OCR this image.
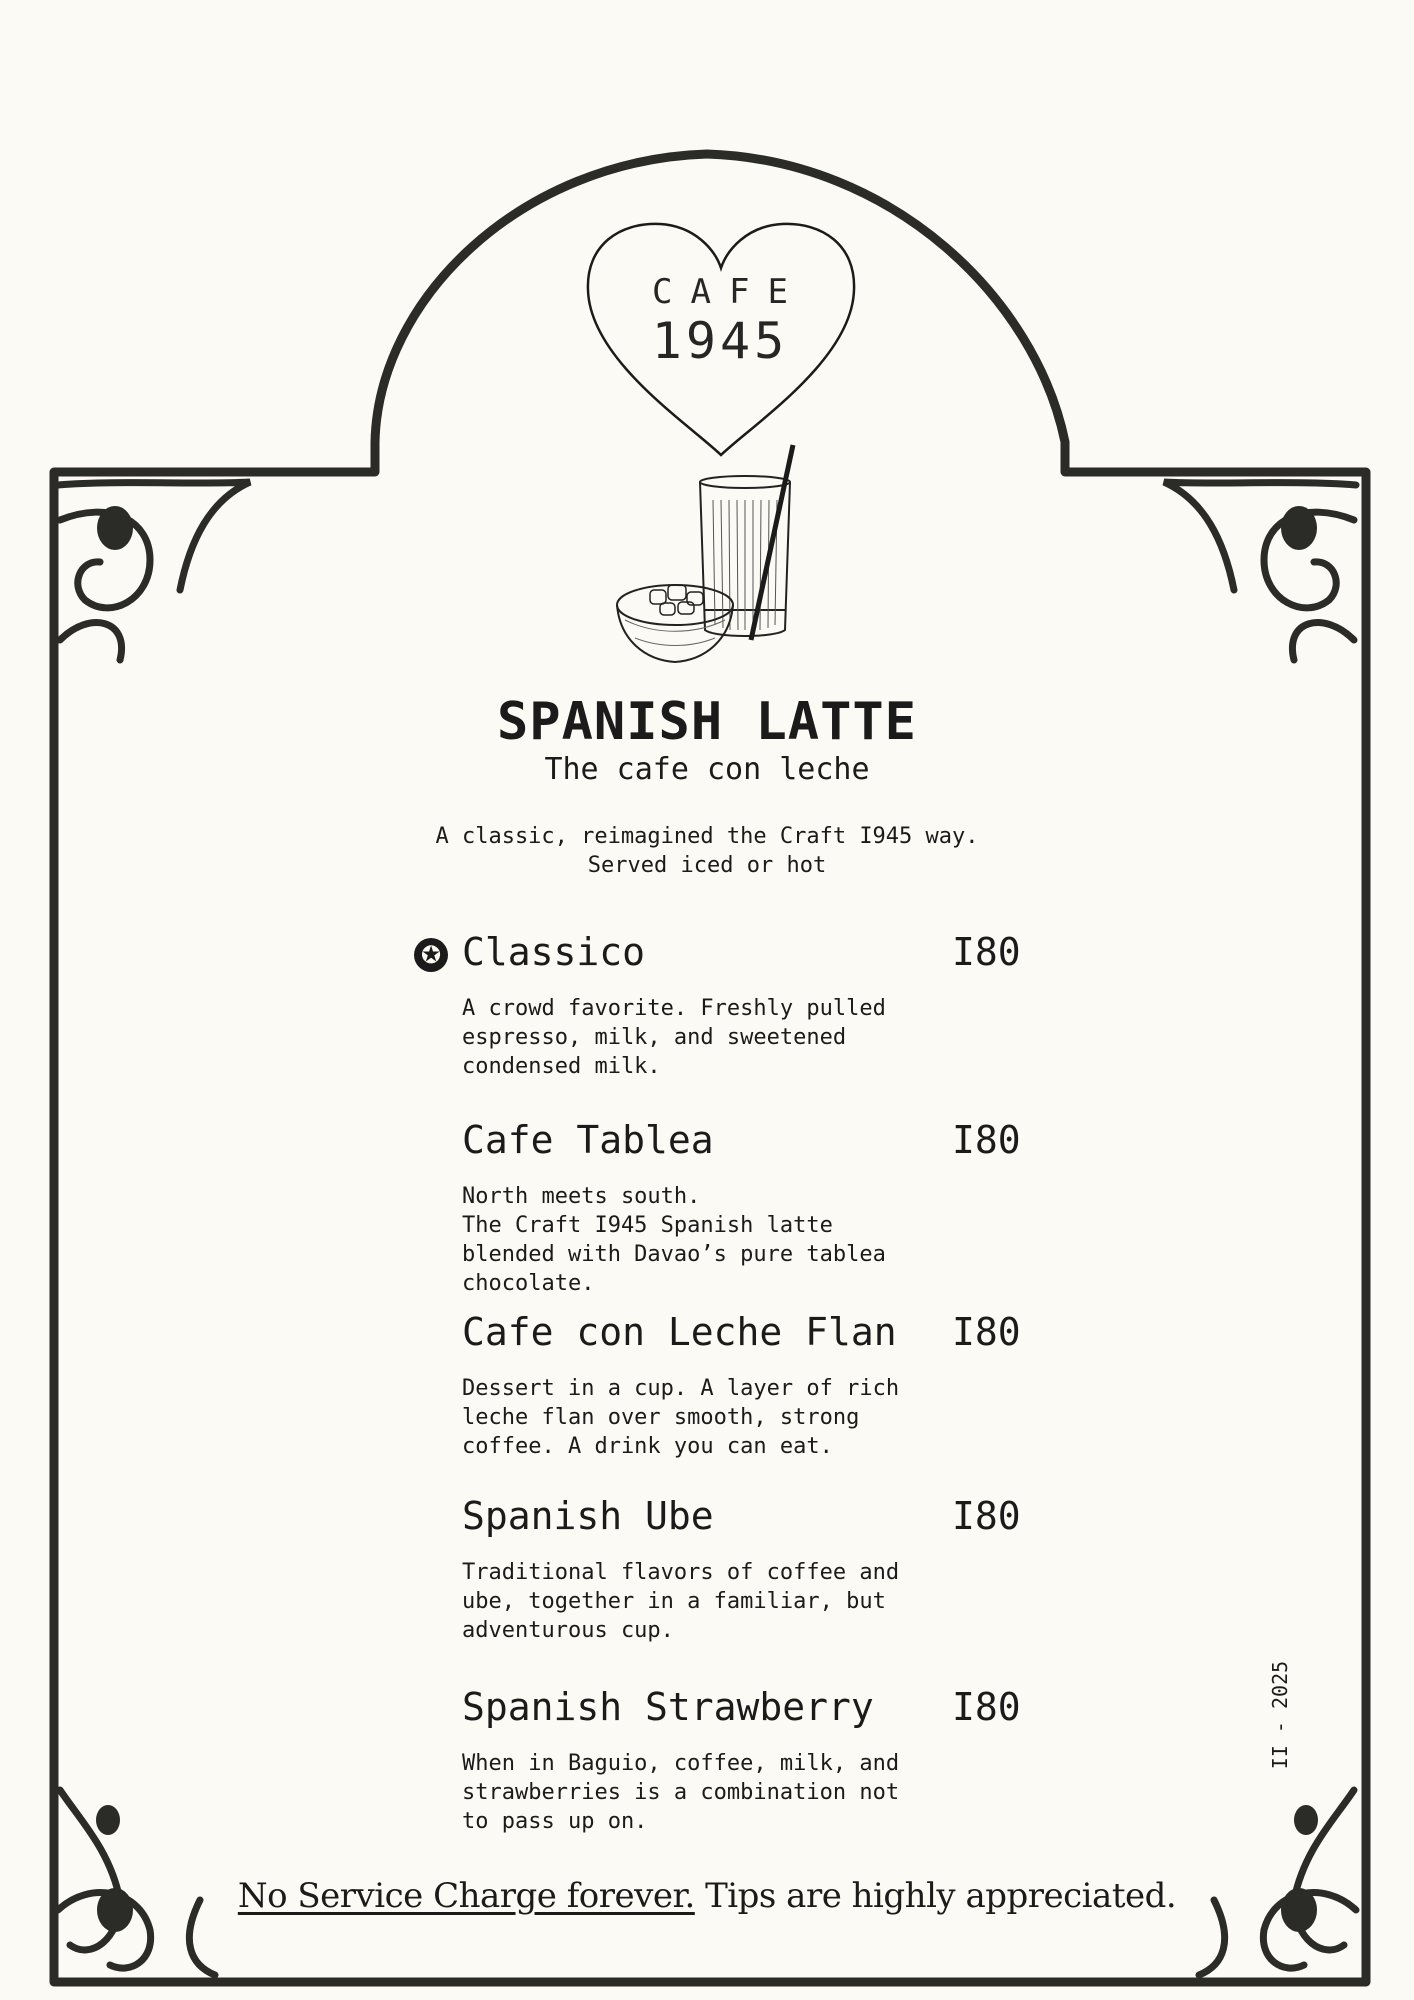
CAFE
1945
SPANISH LATTE
The cafe con leche
A classic, reimagined the Craft I945 way.
Served iced or hot
✪ Classico	I80
A crowd favorite. Freshly pulled
espresso, milk, and sweetened
condensed milk.
Cafe Tablea	I80
North meets south.
The Craft I945 Spanish latte
blended with Davao’s pure tablea
chocolate.
Cafe con Leche Flan I80
Dessert in a cup. A layer of rich
leche flan over smooth, strong
coffee. A drink you can eat.
Spanish Ube	I80
Traditional flavors of coffee and
ube, together in a familiar, but
adventurous cup.
Spanish Strawberry I80
When in Baguio, coffee, milk, and
strawberries is a combination not
to pass up on.
No Service Charge forever. Tips are highly appreciated.
II - 2025
